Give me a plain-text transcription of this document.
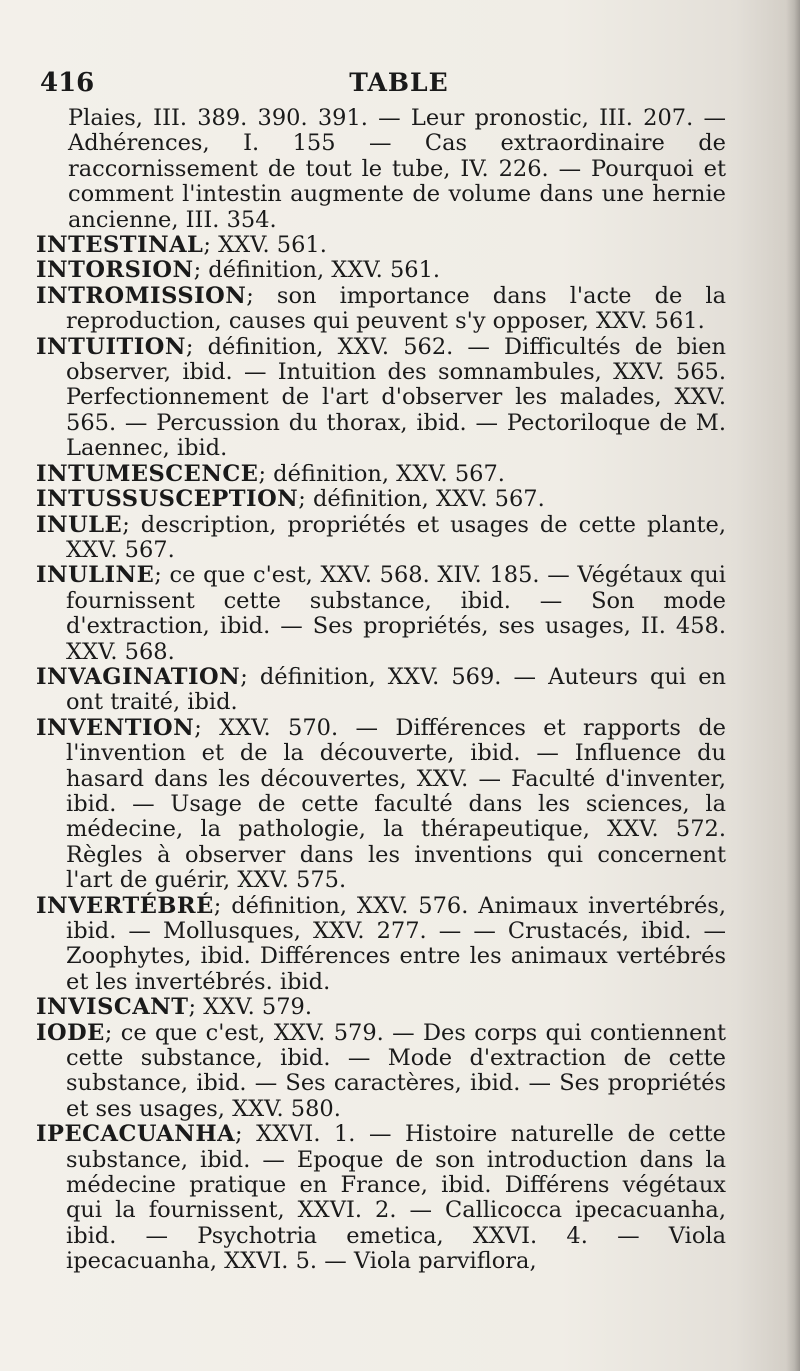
416	TABLE

Plaies, III. 389. 390. 391. — Leur pronostic, III. 207. — Adhérences, I. 155 — Cas extraordinaire de raccornissement de tout le tube, IV. 226. — Pourquoi et comment l'intestin augmente de volume dans une hernie ancienne, III. 354.

INTESTINAL; XXV. 561.

INTORSION; définition, XXV. 561.

INTROMISSION; son importance dans l'acte de la reproduction, causes qui peuvent s'y opposer, XXV. 561.

INTUITION; définition, XXV. 562. — Difficultés de bien observer, ibid. — Intuition des somnambules, XXV. 565. Perfectionnement de l'art d'observer les malades, XXV. 565. — Percussion du thorax, ibid. — Pectoriloque de M. Laennec, ibid.

INTUMESCENCE; définition, XXV. 567.

INTUSSUSCEPTION; définition, XXV. 567.

INULE; description, propriétés et usages de cette plante, XXV. 567.

INULINE; ce que c'est, XXV. 568. XIV. 185. — Végétaux qui fournissent cette substance, ibid. — Son mode d'extraction, ibid. — Ses propriétés, ses usages, II. 458. XXV. 568.

INVAGINATION; définition, XXV. 569. — Auteurs qui en ont traité, ibid.

INVENTION; XXV. 570. — Différences et rapports de l'invention et de la découverte, ibid. — Influence du hasard dans les découvertes, XXV. — Faculté d'inventer, ibid. — Usage de cette faculté dans les sciences, la médecine, la pathologie, la thérapeutique, XXV. 572. Règles à observer dans les inventions qui concernent l'art de guérir, XXV. 575.

INVERTÉBRÉ; définition, XXV. 576. Animaux invertébrés, ibid. — Mollusques, XXV. 277. — — Crustacés, ibid. — Zoophytes, ibid. Différences entre les animaux vertébrés et les invertébrés. ibid.

INVISCANT; XXV. 579.

IODE; ce que c'est, XXV. 579. — Des corps qui contiennent cette substance, ibid. — Mode d'extraction de cette substance, ibid. — Ses caractères, ibid. — Ses propriétés et ses usages, XXV. 580.

IPECACUANHA; XXVI. 1. — Histoire naturelle de cette substance, ibid. — Epoque de son introduction dans la médecine pratique en France, ibid. Différens végétaux qui la fournissent, XXVI. 2. — Callicocca ipecacuanha, ibid. — Psychotria emetica, XXVI. 4. — Viola ipecacuanha, XXVI. 5. — Viola parviflora,
